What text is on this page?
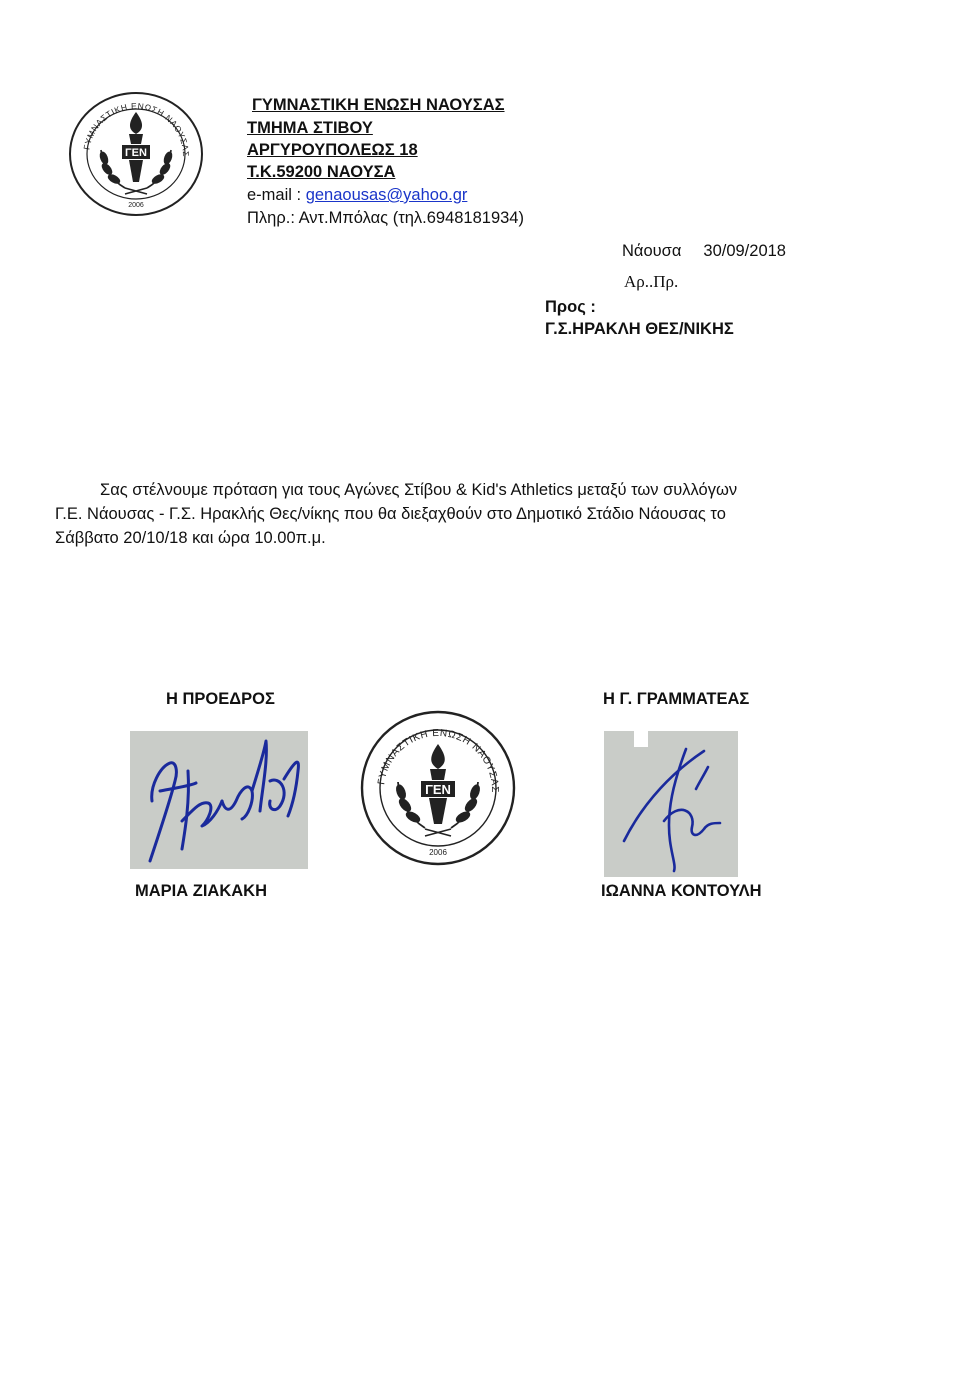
ΓΥΜΝΑΣΤΙΚΗ ΕΝΩΣΗ ΝΑΟΥΣΑΣ
ΓΕΝ
2006
ΓΥΜΝΑΣΤΙΚΗ ΕΝΩΣΗ ΝΑΟΥΣΑΣ
ΤΜΗΜΑ ΣΤΙΒΟΥ
ΑΡΓΥΡΟΥΠΟΛΕΩΣ 18
Τ.Κ.59200 ΝΑΟΥΣΑ
e-mail : genaousas@yahoo.gr
Πληρ.: Αντ.Μπόλας (τηλ.6948181934)
Νάουσα 30/09/2018
Αρ..Πρ.
Προς :
Γ.Σ.ΗΡΑΚΛΗ ΘΕΣ/ΝΙΚΗΣ

Σας στέλνουμε πρόταση για τους Αγώνες Στίβου & Kid's Athletics μεταξύ των συλλόγων

Γ.Ε. Νάουσας - Γ.Σ. Ηρακλής Θες/νίκης που θα διεξαχθούν στο Δημοτικό Στάδιο Νάουσας το

Σάββατο 20/10/18 και ώρα 10.00π.μ.

Η ΠΡΟΕΔΡΟΣ	Η Γ. ΓΡΑΜΜΑΤΕΑΣ
ΓΥΜΝΑΣΤΙΚΗ ΕΝΩΣΗ ΝΑΟΥΣΑΣ
ΓΕΝ
2006
ΜΑΡΙΑ ΖΙΑΚΑΚΗ	ΙΩΑΝΝΑ ΚΟΝΤΟΥΛΗ
